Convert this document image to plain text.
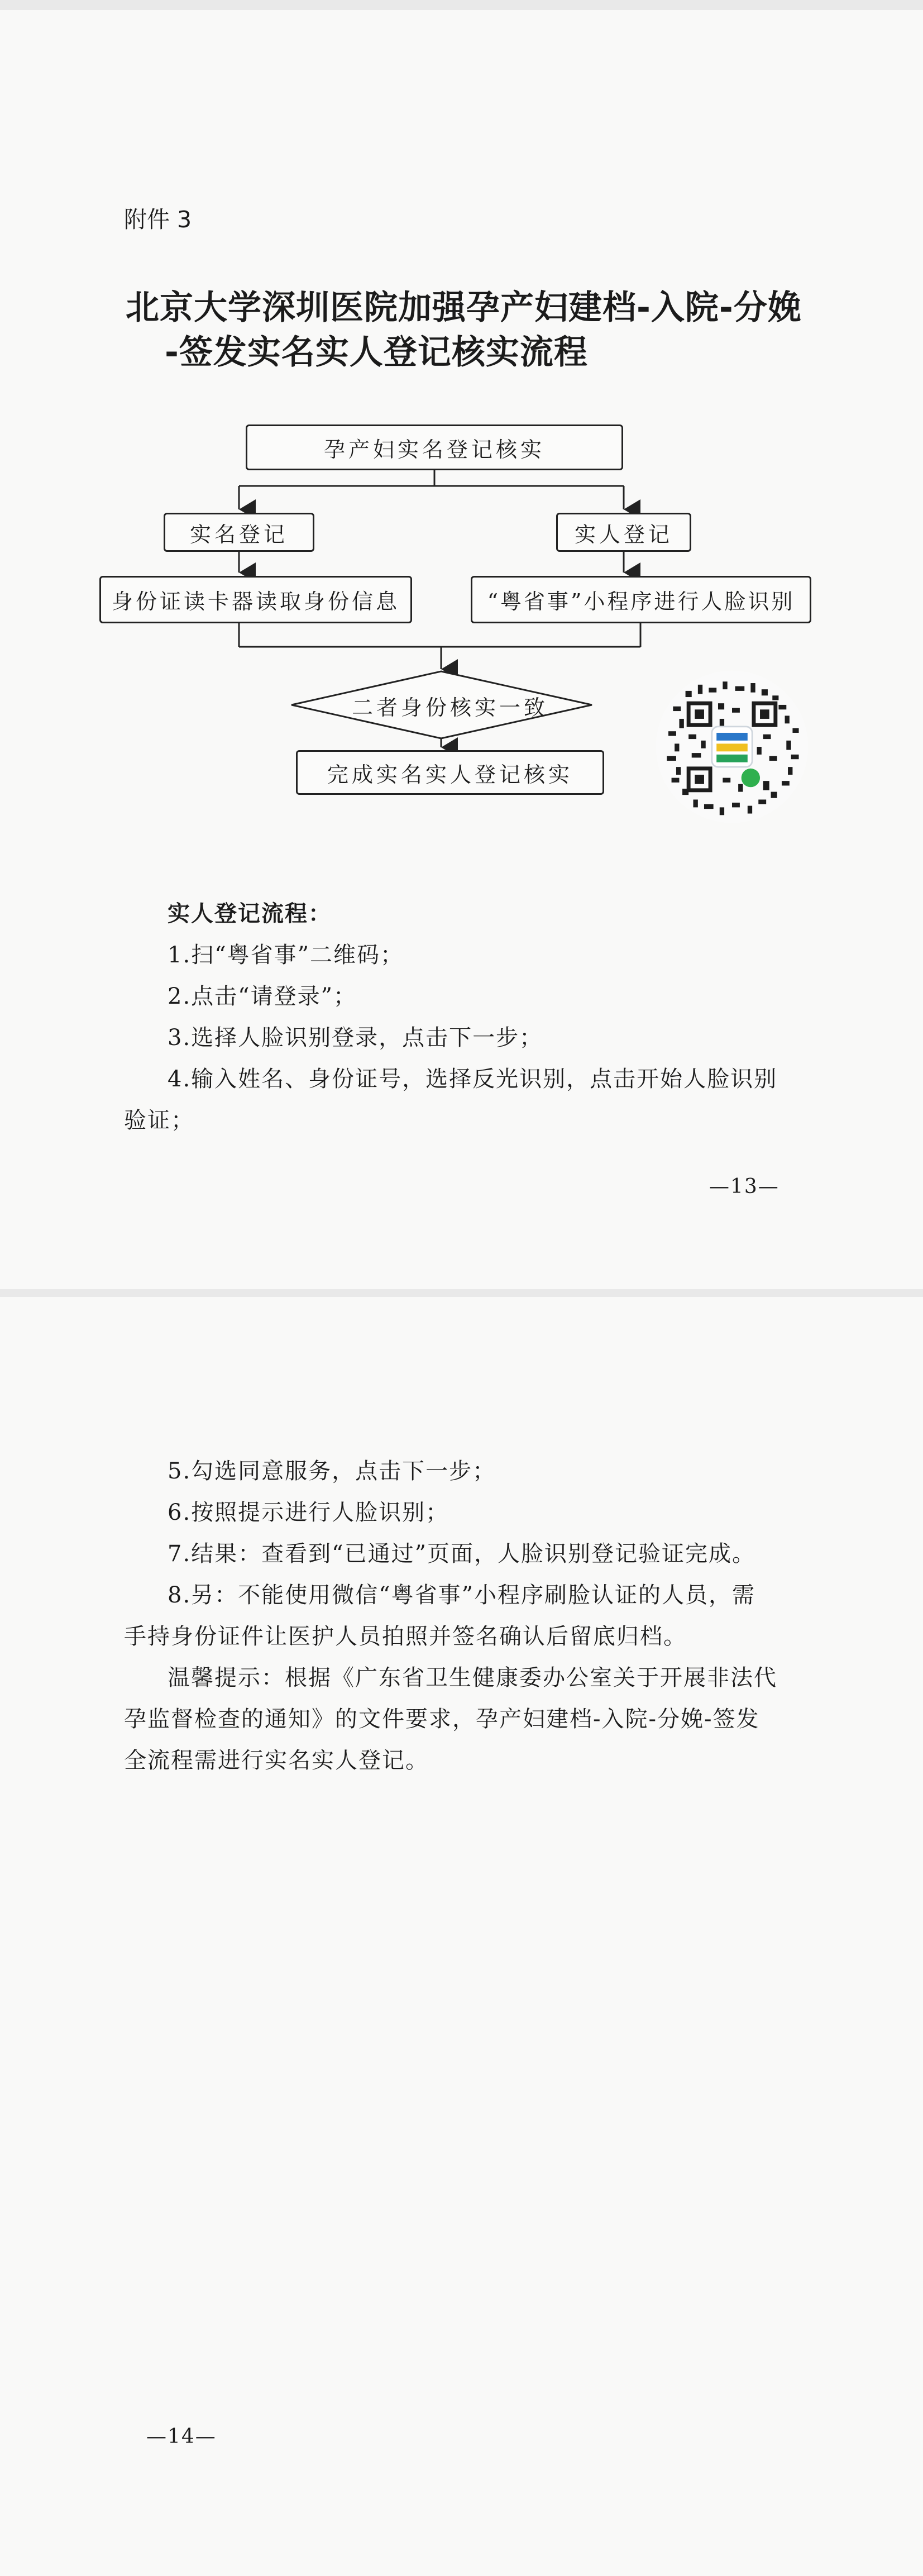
附件 3
北京大学深圳医院加强孕产妇建档-入院-分娩
-签发实名实人登记核实流程
孕产妇实名登记核实
实名登记	实人登记
身份证读卡器读取身份信息	“粤省事”小程序进行人脸识别
二者身份核实一致
完成实名实人登记核实
实人登记流程：
1.扫“粤省事”二维码；
2.点击“请登录”；
3.选择人脸识别登录，点击下一步；
4.输入姓名、身份证号，选择反光识别，点击开始人脸识别
验证；
—13—
5.勾选同意服务，点击下一步；
6.按照提示进行人脸识别；
7.结果：查看到“已通过”页面，人脸识别登记验证完成。
8.另：不能使用微信“粤省事”小程序刷脸认证的人员，需
手持身份证件让医护人员拍照并签名确认后留底归档。
温馨提示：根据《广东省卫生健康委办公室关于开展非法代
孕监督检查的通知》的文件要求，孕产妇建档-入院-分娩-签发
全流程需进行实名实人登记。
—14—
